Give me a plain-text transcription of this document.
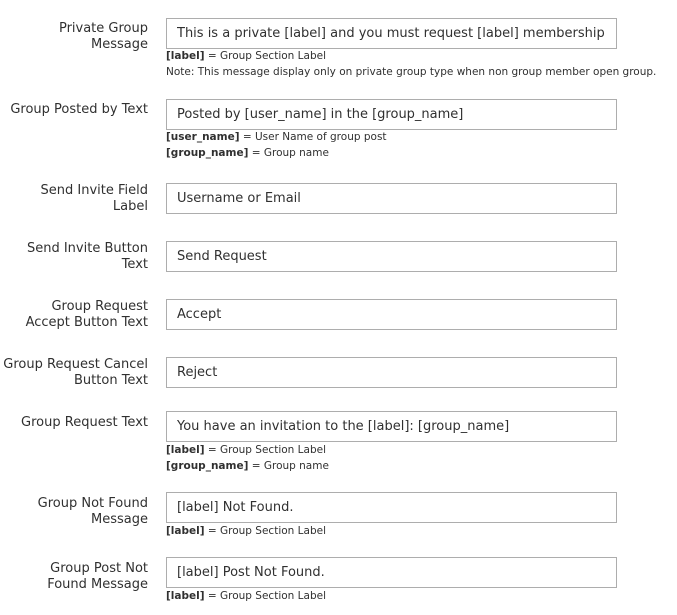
Private Group
Message
This is a private [label] and you must request [label] membership in orde
[label] = Group Section Label
Note: This message display only on private group type when non group member open group.
Group Posted by Text
Posted by [user_name] in the [group_name]
[user_name] = User Name of group post
[group_name] = Group name
Send Invite Field
Label
Username or Email
Send Invite Button
Text
Send Request
Group Request
Accept Button Text
Accept
Group Request Cancel
Button Text
Reject
Group Request Text
You have an invitation to the [label]: [group_name]
[label] = Group Section Label
[group_name] = Group name
Group Not Found
Message
[label] Not Found.
[label] = Group Section Label
Group Post Not
Found Message
[label] Post Not Found.
[label] = Group Section Label
